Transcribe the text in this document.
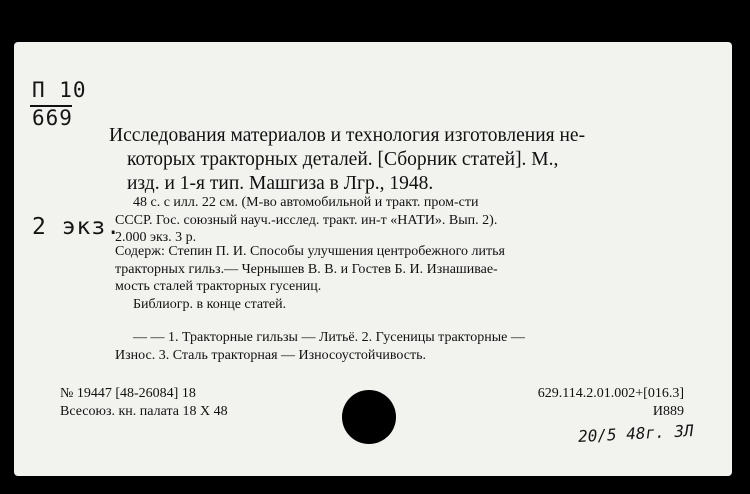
П 10
669
2 экз.

Исследования материалов и технология изготовления не-
которых тракторных деталей. [Сборник статей]. М.,
изд. и 1-я тип. Машгиза в Лгр., 1948.

48 с. с илл. 22 см. (М-во автомобильной и тракт. пром-сти
СССР. Гос. союзный науч.-исслед. тракт. ин-т «НАТИ». Вып. 2).
2.000 экз. 3 р.

Содерж: Степин П. И. Способы улучшения центробежного литья
тракторных гильз.— Чернышев В. В. и Гостев Б. И. Изнашивае-
мость сталей тракторных гусениц.

Библиогр. в конце статей.

— — 1. Тракторные гильзы — Литьё. 2. Гусеницы тракторные —
Износ. 3. Сталь тракторная — Износоустойчивость.

№ 19447 [48-26084] 18
Всесоюз. кн. палата 18 Х 48

629.114.2.01.002+[016.3]
И889

20/5 48г. 3Л
